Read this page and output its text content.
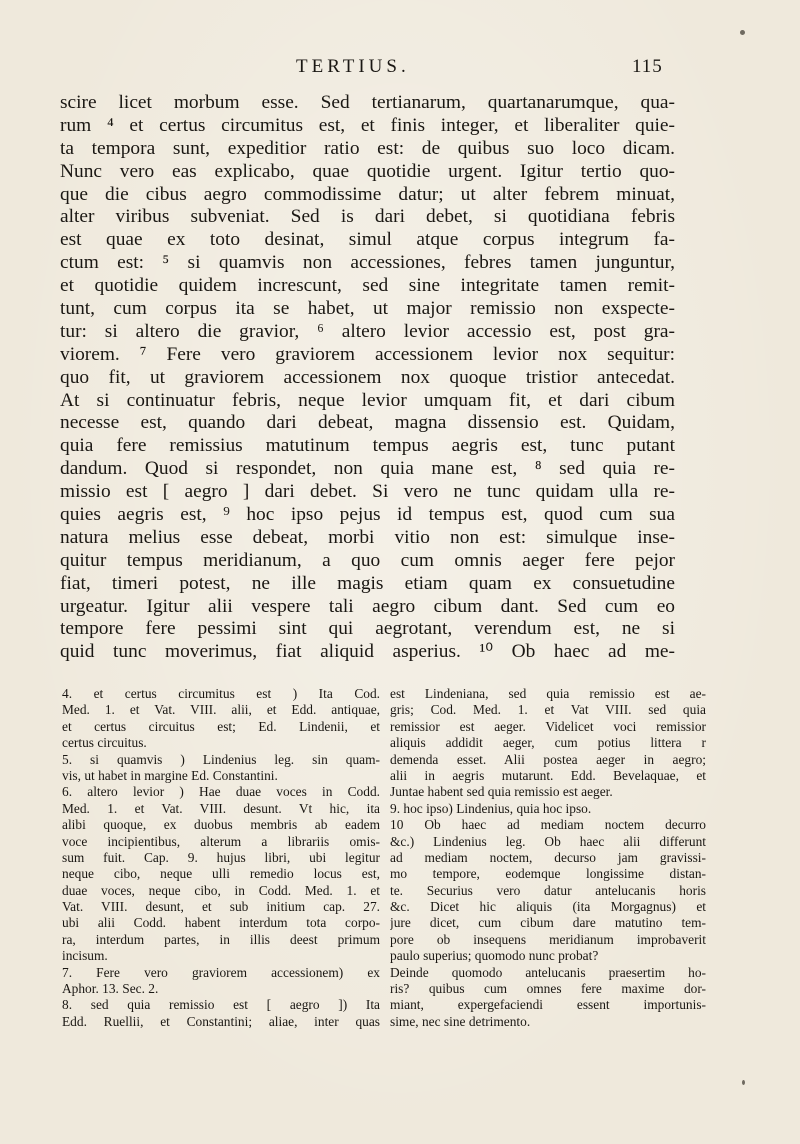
TERTIUS.	115
scire licet morbum esse. Sed tertianarum, quartanarumque, qua-
rum ⁴ et certus circumitus est, et finis integer, et liberaliter quie-
ta tempora sunt, expeditior ratio est: de quibus suo loco dicam.
Nunc vero eas explicabo, quae quotidie urgent. Igitur tertio quo-
que die cibus aegro commodissime datur; ut alter febrem minuat,
alter viribus subveniat. Sed is dari debet, si quotidiana febris
est quae ex toto desinat, simul atque corpus integrum fa-
ctum est: ⁵ si quamvis non accessiones, febres tamen junguntur,
et quotidie quidem increscunt, sed sine integritate tamen remit-
tunt, cum corpus ita se habet, ut major remissio non exspecte-
tur: si altero die gravior, ⁶ altero levior accessio est, post gra-
viorem. ⁷ Fere vero graviorem accessionem levior nox sequitur:
quo fit, ut graviorem accessionem nox quoque tristior antecedat.
At si continuatur febris, neque levior umquam fit, et dari cibum
necesse est, quando dari debeat, magna dissensio est. Quidam,
quia fere remissius matutinum tempus aegris est, tunc putant
dandum. Quod si respondet, non quia mane est, ⁸ sed quia re-
missio est [ aegro ] dari debet. Si vero ne tunc quidam ulla re-
quies aegris est, ⁹ hoc ipso pejus id tempus est, quod cum sua
natura melius esse debeat, morbi vitio non est: simulque inse-
quitur tempus meridianum, a quo cum omnis aeger fere pejor
fiat, timeri potest, ne ille magis etiam quam ex consuetudine
urgeatur. Igitur alii vespere tali aegro cibum dant. Sed cum eo
tempore fere pessimi sint qui aegrotant, verendum est, ne si
quid tunc moverimus, fiat aliquid asperius. ¹⁰ Ob haec ad me-
4. et certus circumitus est ) Ita Cod.
Med. 1. et Vat. VIII. alii, et Edd. antiquae,
et certus circuitus est; Ed. Lindenii, et
certus circuitus.
5. si quamvis ) Lindenius leg. sin quam-
vis, ut habet in margine Ed. Constantini.
6. altero levior ) Hae duae voces in Codd.
Med. 1. et Vat. VIII. desunt. Vt hic, ita
alibi quoque, ex duobus membris ab eadem
voce incipientibus, alterum a librariis omis-
sum fuit. Cap. 9. hujus libri, ubi legitur
neque cibo, neque ulli remedio locus est,
duae voces, neque cibo, in Codd. Med. 1. et
Vat. VIII. desunt, et sub initium cap. 27.
ubi alii Codd. habent interdum tota corpo-
ra, interdum partes, in illis deest primum
incisum.
7. Fere vero graviorem accessionem) ex
Aphor. 13. Sec. 2.
8. sed quia remissio est [ aegro ]) Ita
Edd. Ruellii, et Constantini; aliae, inter quas
est Lindeniana, sed quia remissio est ae-
gris; Cod. Med. 1. et Vat VIII. sed quia
remissior est aeger. Videlicet voci remissior
aliquis addidit aeger, cum potius littera r
demenda esset. Alii postea aeger in aegro;
alii in aegris mutarunt. Edd. Bevelaquae, et
Juntae habent sed quia remissio est aeger.
9. hoc ipso) Lindenius, quia hoc ipso.
10 Ob haec ad mediam noctem decurro
&c.) Lindenius leg. Ob haec alii differunt
ad mediam noctem, decurso jam gravissi-
mo tempore, eodemque longissime distan-
te. Securius vero datur antelucanis horis
&c. Dicet hic aliquis (ita Morgagnus) et
jure dicet, cum cibum dare matutino tem-
pore ob insequens meridianum improbaverit
paulo superius; quomodo nunc probat?
Deinde quomodo antelucanis praesertim ho-
ris? quibus cum omnes fere maxime dor-
miant, expergefaciendi essent importunis-
sime, nec sine detrimento.
